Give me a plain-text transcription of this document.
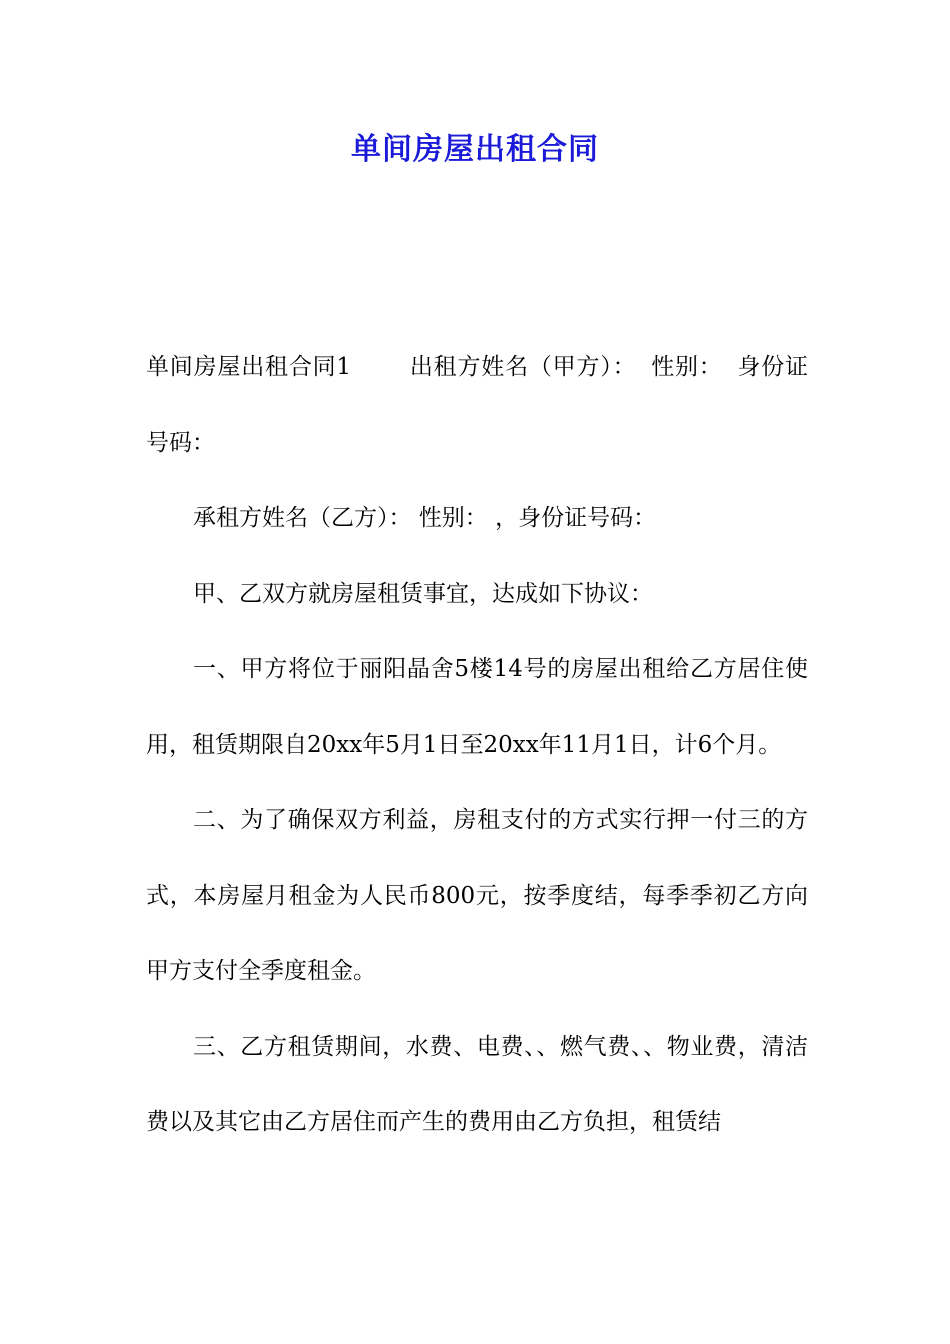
单间房屋出租合同

单间房屋出租合同1	出租方姓名（甲方）： 性别： 身份证号码：

承租方姓名（乙方）： 性别： ，身份证号码：

甲、乙双方就房屋租赁事宜，达成如下协议：

一、甲方将位于丽阳晶舍5楼14号的房屋出租给乙方居住使用，租赁期限自20xx年5月1日至20xx年11月1日，计6个月。

二、为了确保双方利益，房租支付的方式实行押一付三的方式，本房屋月租金为人民币800元，按季度结，每季季初乙方向甲方支付全季度租金。

三、乙方租赁期间，水费、电费、、燃气费、、物业费，清洁费以及其它由乙方居住而产生的费用由乙方负担，租赁结
